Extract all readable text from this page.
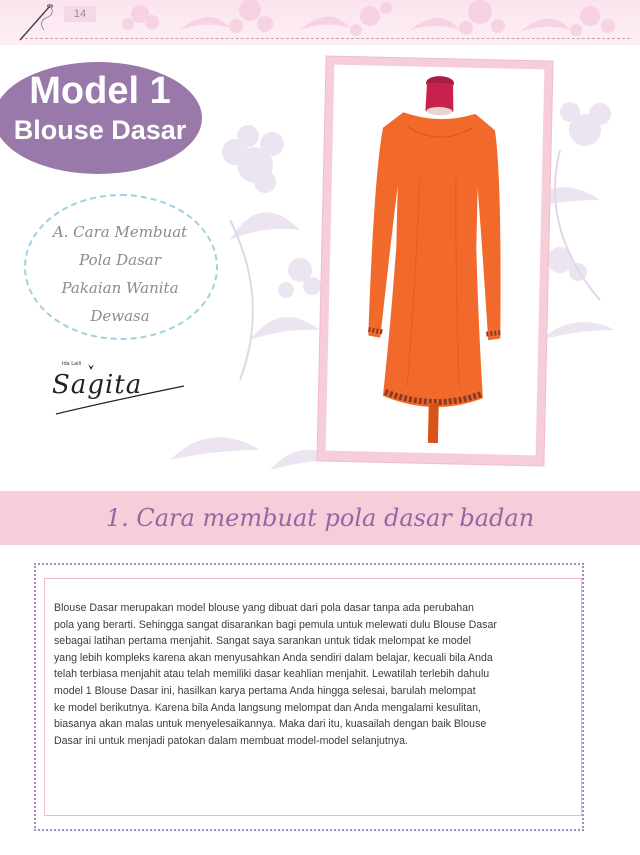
14
Model 1
Blouse Dasar
A. Cara Membuat
Pola Dasar
Pakaian Wanita
Dewasa
Ida Laili
Sagita
1. Cara membuat pola dasar badan
Blouse Dasar merupakan model blouse yang dibuat dari pola dasar tanpa ada perubahan
pola yang berarti. Sehingga sangat disarankan bagi pemula untuk melewati dulu Blouse Dasar
sebagai latihan pertama menjahit. Sangat saya sarankan untuk tidak melompat ke model
yang lebih kompleks karena akan menyusahkan Anda sendiri dalam belajar, kecuali bila Anda
telah terbiasa menjahit atau telah memiliki dasar keahlian menjahit. Lewatilah terlebih dahulu
model 1 Blouse Dasar ini, hasilkan karya pertama Anda hingga selesai, barulah melompat
ke model berikutnya. Karena bila Anda langsung melompat dan Anda mengalami kesulitan,
biasanya akan malas untuk menyelesaikannya. Maka dari itu, kuasailah dengan baik Blouse
Dasar ini untuk menjadi patokan dalam membuat model-model selanjutnya.
